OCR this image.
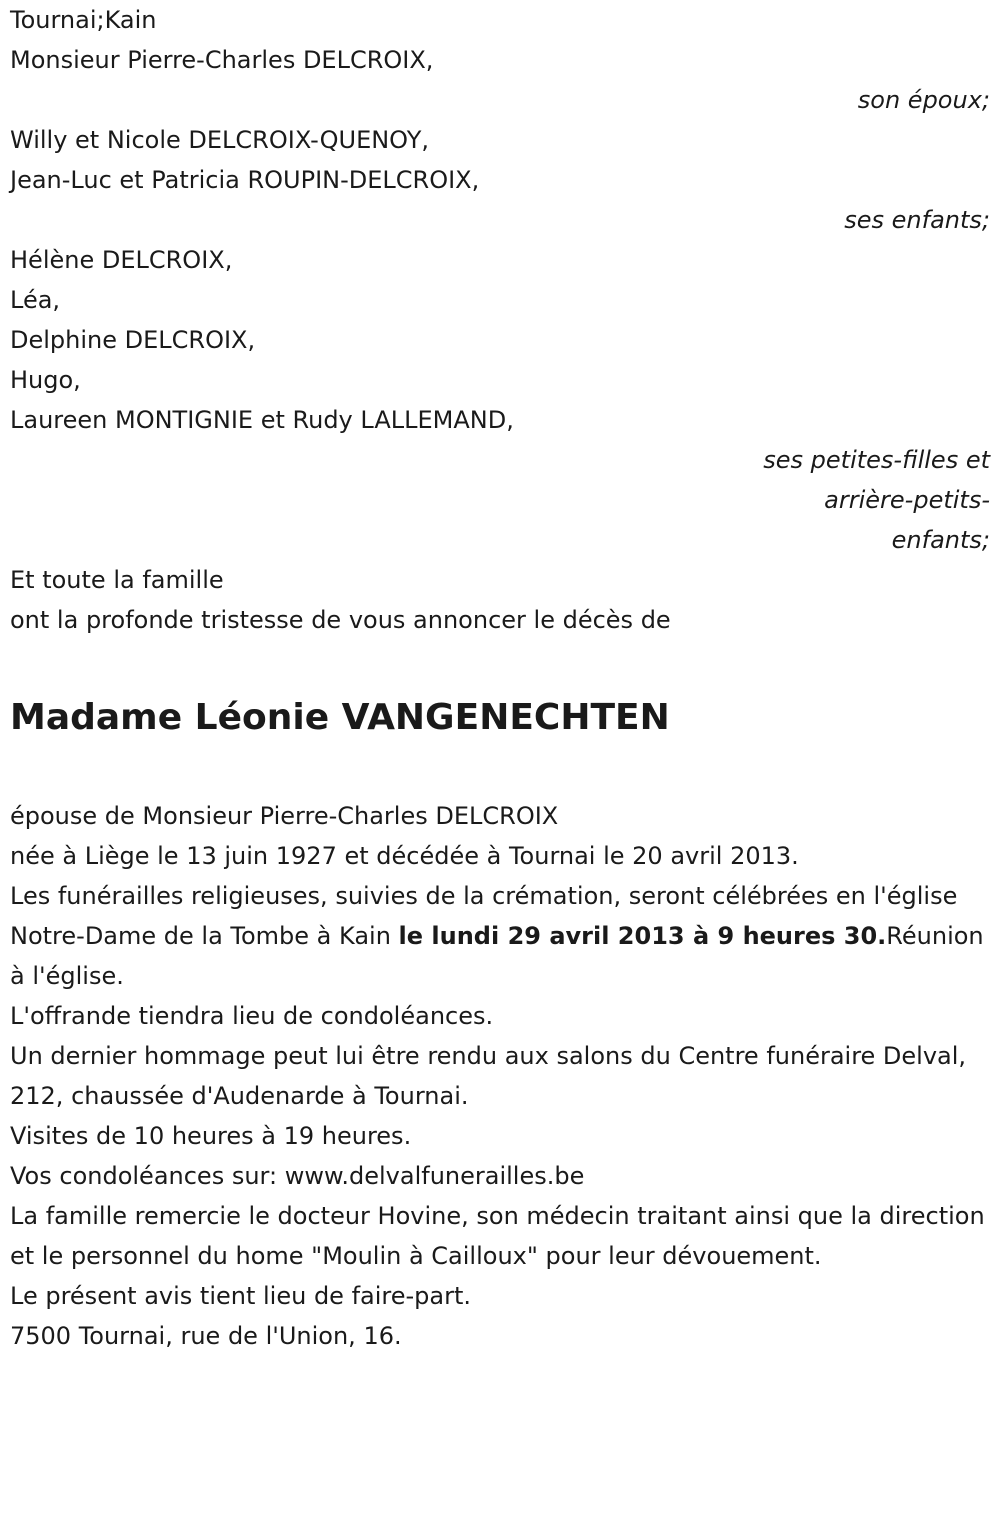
Tournai;Kain

Monsieur Pierre-Charles DELCROIX,

son époux;

Willy et Nicole DELCROIX-QUENOY,

Jean-Luc et Patricia ROUPIN-DELCROIX,

ses enfants;

Hélène DELCROIX,

Léa,

Delphine DELCROIX,

Hugo,

Laureen MONTIGNIE et Rudy LALLEMAND,

ses petites-filles et
arrière-petits-
enfants;

Et toute la famille

ont la profonde tristesse de vous annoncer le décès de

Madame Léonie VANGENECHTEN

épouse de Monsieur Pierre-Charles DELCROIX

née à Liège le 13 juin 1927 et décédée à Tournai le 20 avril 2013.

Les funérailles religieuses, suivies de la crémation, seront célébrées en l'église Notre-Dame de la Tombe à Kain le lundi 29 avril 2013 à 9 heures 30.Réunion à l'église.

L'offrande tiendra lieu de condoléances.

Un dernier hommage peut lui être rendu aux salons du Centre funéraire Delval, 212, chaussée d'Audenarde à Tournai.

Visites de 10 heures à 19 heures.

Vos condoléances sur: www.delvalfunerailles.be

La famille remercie le docteur Hovine, son médecin traitant ainsi que la direction et le personnel du home "Moulin à Cailloux" pour leur dévouement.

Le présent avis tient lieu de faire-part.

7500 Tournai, rue de l'Union, 16.
